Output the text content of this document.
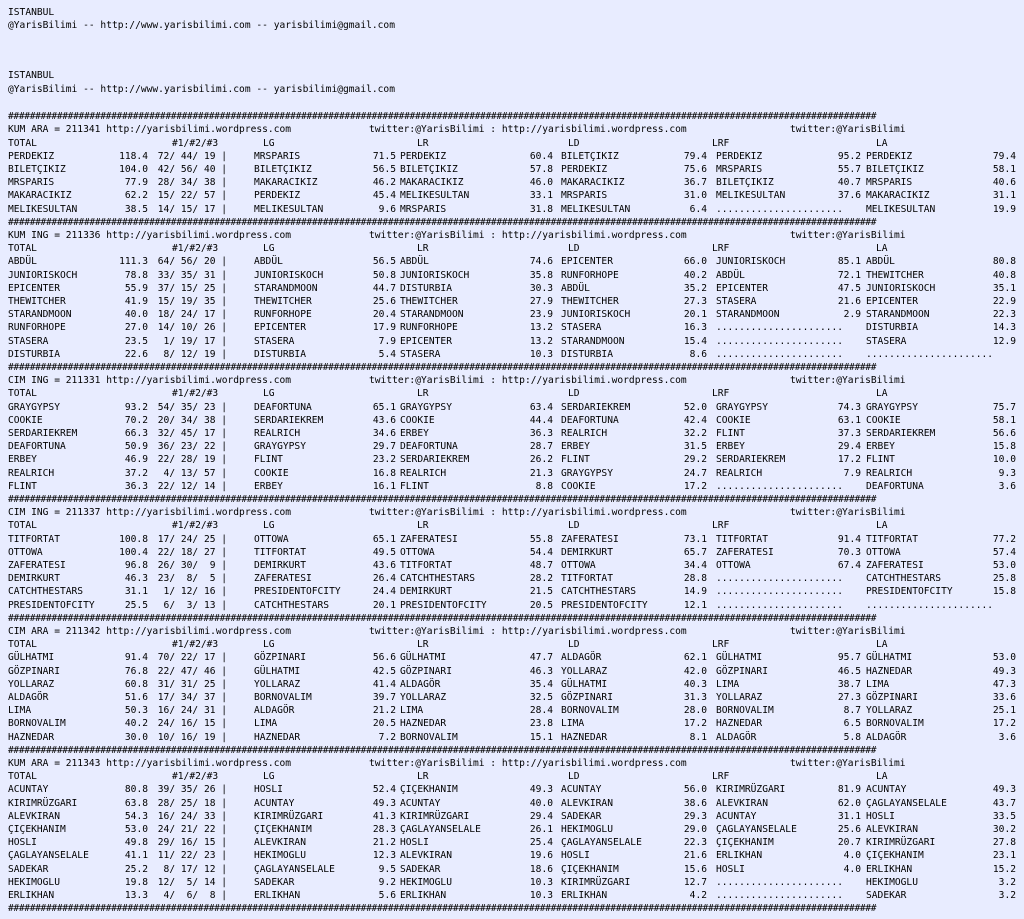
ISTANBUL
@YarisBilimi -- http://www.yarisbilimi.com -- yarisbilimi@gmail.com
ISTANBUL
@YarisBilimi -- http://www.yarisbilimi.com -- yarisbilimi@gmail.com
################################################################################################################################################################
KUM ARA = 211341 http://yarisbilimi.wordpress.com	twitter:@YarisBilimi : http://yarisbilimi.wordpress.com	twitter:@YarisBilimi
TOTAL	#1/#2/#3	LG	LR	LD	LRF	LA
PERDEKIZ	118.4 72/ 44/ 19 |	MRSPARIS	71.5 PERDEKIZ	60.4 BILETÇIKIZ	79.4 PERDEKIZ	95.2 PERDEKIZ	79.4
BILETÇIKIZ	104.0 42/ 56/ 40 |	BILETÇIKIZ	56.5 BILETÇIKIZ	57.8 PERDEKIZ	75.6 MRSPARIS	55.7 BILETÇIKIZ	58.1
MRSPARIS	77.9 28/ 34/ 38 |	MAKARACIKIZ	46.2 MAKARACIKIZ	46.0 MAKARACIKIZ	36.7 BILETÇIKIZ	40.7 MRSPARIS	40.6
MAKARACIKIZ	62.2 15/ 22/ 57 |	PERDEKIZ	45.4 MELIKESULTAN	33.1 MRSPARIS	31.0 MELIKESULTAN	37.6 MAKARACIKIZ	31.1
MELIKESULTAN	38.5 14/ 15/ 17 |	MELIKESULTAN	9.6 MRSPARIS	31.8 MELIKESULTAN	6.4 ...................... MELIKESULTAN	19.9
################################################################################################################################################################
KUM ING = 211336 http://yarisbilimi.wordpress.com	twitter:@YarisBilimi : http://yarisbilimi.wordpress.com	twitter:@YarisBilimi
TOTAL	#1/#2/#3	LG	LR	LD	LRF	LA
ABDÜL	111.3 64/ 56/ 20 |	ABDÜL	56.5 ABDÜL	74.6 EPICENTER	66.0 JUNIORISKOCH	85.1 ABDÜL	80.8
JUNIORISKOCH	78.8 33/ 35/ 31 |	JUNIORISKOCH	50.8 JUNIORISKOCH	35.8 RUNFORHOPE	40.2 ABDÜL	72.1 THEWITCHER	40.8
EPICENTER	55.9 37/ 15/ 25 |	STARANDMOON	44.7 DISTURBIA	30.3 ABDÜL	35.2 EPICENTER	47.5 JUNIORISKOCH	35.1
THEWITCHER	41.9 15/ 19/ 35 |	THEWITCHER	25.6 THEWITCHER	27.9 THEWITCHER	27.3 STASERA	21.6 EPICENTER	22.9
STARANDMOON	40.0 18/ 24/ 17 |	RUNFORHOPE	20.4 STARANDMOON	23.9 JUNIORISKOCH	20.1 STARANDMOON	2.9 STARANDMOON	22.3
RUNFORHOPE	27.0 14/ 10/ 26 |	EPICENTER	17.9 RUNFORHOPE	13.2 STASERA	16.3 ...................... DISTURBIA	14.3
STASERA	23.5 1/ 19/ 17 |	STASERA	7.9 EPICENTER	13.2 STARANDMOON	15.4 ...................... STASERA	12.9
DISTURBIA	22.6 8/ 12/ 19 |	DISTURBIA	5.4 STASERA	10.3 DISTURBIA	8.6 ...................... ......................
################################################################################################################################################################
CIM ING = 211331 http://yarisbilimi.wordpress.com	twitter:@YarisBilimi : http://yarisbilimi.wordpress.com	twitter:@YarisBilimi
TOTAL	#1/#2/#3	LG	LR	LD	LRF	LA
GRAYGYPSY	93.2 54/ 35/ 23 |	DEAFORTUNA	65.1 GRAYGYPSY	63.4 SERDARIEKREM	52.0 GRAYGYPSY	74.3 GRAYGYPSY	75.7
COOKIE	70.2 20/ 34/ 38 |	SERDARIEKREM	43.6 COOKIE	44.4 DEAFORTUNA	42.4 COOKIE	63.1 COOKIE	58.1
SERDARIEKREM	66.3 32/ 45/ 17 |	REALRICH	34.6 ERBEY	36.3 REALRICH	32.2 FLINT	37.3 SERDARIEKREM	56.6
DEAFORTUNA	50.9 36/ 23/ 22 |	GRAYGYPSY	29.7 DEAFORTUNA	28.7 ERBEY	31.5 ERBEY	29.4 ERBEY	15.8
ERBEY	46.9 22/ 28/ 19 |	FLINT	23.2 SERDARIEKREM	26.2 FLINT	29.2 SERDARIEKREM	17.2 FLINT	10.0
REALRICH	37.2 4/ 13/ 57 |	COOKIE	16.8 REALRICH	21.3 GRAYGYPSY	24.7 REALRICH	7.9 REALRICH	9.3
FLINT	36.3 22/ 12/ 14 |	ERBEY	16.1 FLINT	8.8 COOKIE	17.2 ...................... DEAFORTUNA	3.6
################################################################################################################################################################
CIM ING = 211337 http://yarisbilimi.wordpress.com	twitter:@YarisBilimi : http://yarisbilimi.wordpress.com	twitter:@YarisBilimi
TOTAL	#1/#2/#3	LG	LR	LD	LRF	LA
TITFORTAT	100.8 17/ 24/ 25 |	OTTOWA	65.1 ZAFERATESI	55.8 ZAFERATESI	73.1 TITFORTAT	91.4 TITFORTAT	77.2
OTTOWA	100.4 22/ 18/ 27 |	TITFORTAT	49.5 OTTOWA	54.4 DEMIRKURT	65.7 ZAFERATESI	70.3 OTTOWA	57.4
ZAFERATESI	96.8 26/ 30/  9 |	DEMIRKURT	43.6 TITFORTAT	48.7 OTTOWA	34.4 OTTOWA	67.4 ZAFERATESI	53.0
DEMIRKURT	46.3 23/  8/  5 |	ZAFERATESI	26.4 CATCHTHESTARS	28.2 TITFORTAT	28.8 ...................... CATCHTHESTARS	25.8
CATCHTHESTARS	31.1 1/ 12/ 16 |	PRESIDENTOFCITY	24.4 DEMIRKURT	21.5 CATCHTHESTARS	14.9 ...................... PRESIDENTOFCITY	15.8
PRESIDENTOFCITY	25.5 6/  3/ 13 |	CATCHTHESTARS	20.1 PRESIDENTOFCITY	20.5 PRESIDENTOFCITY	12.1 ...................... ......................
################################################################################################################################################################
CIM ARA = 211342 http://yarisbilimi.wordpress.com	twitter:@YarisBilimi : http://yarisbilimi.wordpress.com	twitter:@YarisBilimi
TOTAL	#1/#2/#3	LG	LR	LD	LRF	LA
GÜLHATMI	91.4 70/ 22/ 17 |	GÖZPINARI	56.6 GÜLHATMI	47.7 ALDAGÖR	62.1 GÜLHATMI	95.7 GÜLHATMI	53.0
GÖZPINARI	76.8 22/ 47/ 46 |	GÜLHATMI	42.5 GÖZPINARI	46.3 YOLLARAZ	42.0 GÖZPINARI	46.5 HAZNEDAR	49.3
YOLLARAZ	60.8 31/ 31/ 25 |	YOLLARAZ	41.4 ALDAGÖR	35.4 GÜLHATMI	40.3 LIMA	38.7 LIMA	47.3
ALDAGÖR	51.6 17/ 34/ 37 |	BORNOVALIM	39.7 YOLLARAZ	32.5 GÖZPINARI	31.3 YOLLARAZ	27.3 GÖZPINARI	33.6
LIMA	50.3 16/ 24/ 31 |	ALDAGÖR	21.2 LIMA	28.4 BORNOVALIM	28.0 BORNOVALIM	8.7 YOLLARAZ	25.1
BORNOVALIM	40.2 24/ 16/ 15 |	LIMA	20.5 HAZNEDAR	23.8 LIMA	17.2 HAZNEDAR	6.5 BORNOVALIM	17.2
HAZNEDAR	30.0 10/ 16/ 19 |	HAZNEDAR	7.2 BORNOVALIM	15.1 HAZNEDAR	8.1 ALDAGÖR	5.8 ALDAGÖR	3.6
################################################################################################################################################################
KUM ARA = 211343 http://yarisbilimi.wordpress.com	twitter:@YarisBilimi : http://yarisbilimi.wordpress.com	twitter:@YarisBilimi
TOTAL	#1/#2/#3	LG	LR	LD	LRF	LA
ACUNTAY	80.8 39/ 35/ 26 |	HOSLI	52.4 ÇIÇEKHANIM	49.3 ACUNTAY	56.0 KIRIMRÜZGARI	81.9 ACUNTAY	49.3
KIRIMRÜZGARI	63.8 28/ 25/ 18 |	ACUNTAY	49.3 ACUNTAY	40.0 ALEVKIRAN	38.6 ALEVKIRAN	62.0 ÇAGLAYANSELALE	43.7
ALEVKIRAN	54.3 16/ 24/ 33 |	KIRIMRÜZGARI	41.3 KIRIMRÜZGARI	29.4 SADEKAR	29.3 ACUNTAY	31.1 HOSLI	33.5
ÇIÇEKHANIM	53.0 24/ 21/ 22 |	ÇIÇEKHANIM	28.3 ÇAGLAYANSELALE	26.1 HEKIMOGLU	29.0 ÇAGLAYANSELALE	25.6 ALEVKIRAN	30.2
HOSLI	49.8 29/ 16/ 15 |	ALEVKIRAN	21.2 HOSLI	25.4 ÇAGLAYANSELALE	22.3 ÇIÇEKHANIM	20.7 KIRIMRÜZGARI	27.8
ÇAGLAYANSELALE	41.1 11/ 22/ 23 |	HEKIMOGLU	12.3 ALEVKIRAN	19.6 HOSLI	21.6 ERLIKHAN	4.0 ÇIÇEKHANIM	23.1
SADEKAR	25.2 8/ 17/ 12 |	ÇAGLAYANSELALE	9.5 SADEKAR	18.6 ÇIÇEKHANIM	15.6 HOSLI	4.0 ERLIKHAN	15.2
HEKIMOGLU	19.8 12/  5/ 14 |	SADEKAR	9.2 HEKIMOGLU	10.3 KIRIMRÜZGARI	12.7 ...................... HEKIMOGLU	3.2
ERLIKHAN	13.3 4/  6/  8 |	ERLIKHAN	5.6 ERLIKHAN	10.3 ERLIKHAN	4.2 ...................... SADEKAR	3.2
################################################################################################################################################################
